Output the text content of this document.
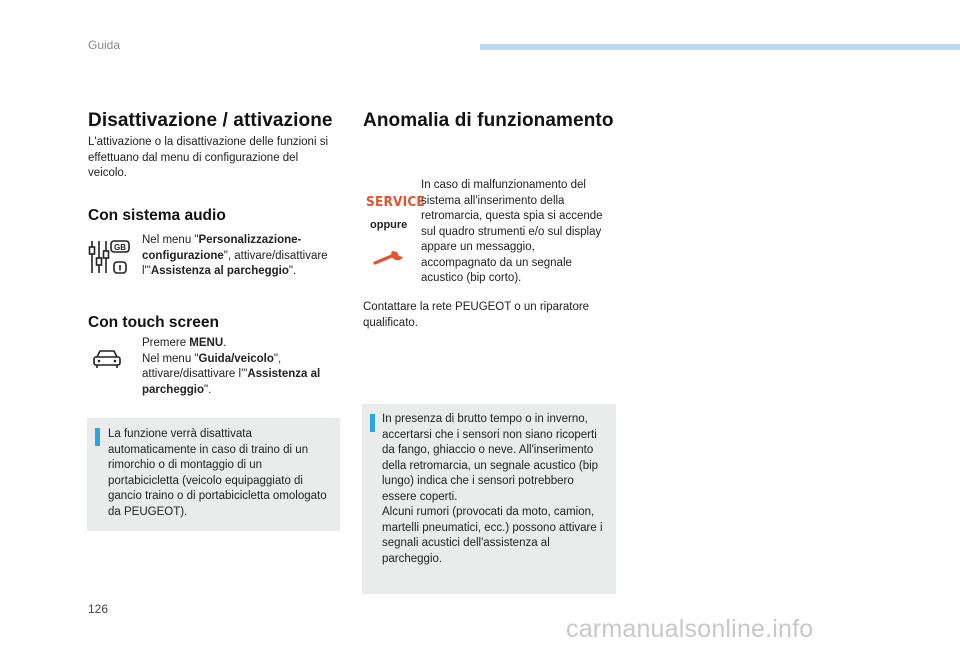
Guida
Disattivazione / attivazione
L'attivazione o la disattivazione delle funzioni si effettuano dal menu di configurazione del veicolo.
Con sistema audio
GB
Nel menu "Personalizzazione-configurazione", attivare/disattivare l'"Assistenza al parcheggio".
Con touch screen
Premere MENU.
Nel menu "Guida/veicolo", attivare/disattivare l'"Assistenza al parcheggio".
La funzione verrà disattivata automaticamente in caso di traino di un rimorchio o di montaggio di un portabicicletta (veicolo equipaggiato di gancio traino o di portabicicletta omologato da PEUGEOT).
Anomalia di funzionamento
SERVICE
oppure
In caso di malfunzionamento del sistema all'inserimento della retromarcia, questa spia si accende sul quadro strumenti e/o sul display appare un messaggio, accompagnato da un segnale acustico (bip corto).
Contattare la rete PEUGEOT o un riparatore qualificato.
In presenza di brutto tempo o in inverno, accertarsi che i sensori non siano ricoperti da fango, ghiaccio o neve. All'inserimento della retromarcia, un segnale acustico (bip lungo) indica che i sensori potrebbero essere coperti.
Alcuni rumori (provocati da moto, camion, martelli pneumatici, ecc.) possono attivare i segnali acustici dell'assistenza al parcheggio.
126
carmanualsonline.info
